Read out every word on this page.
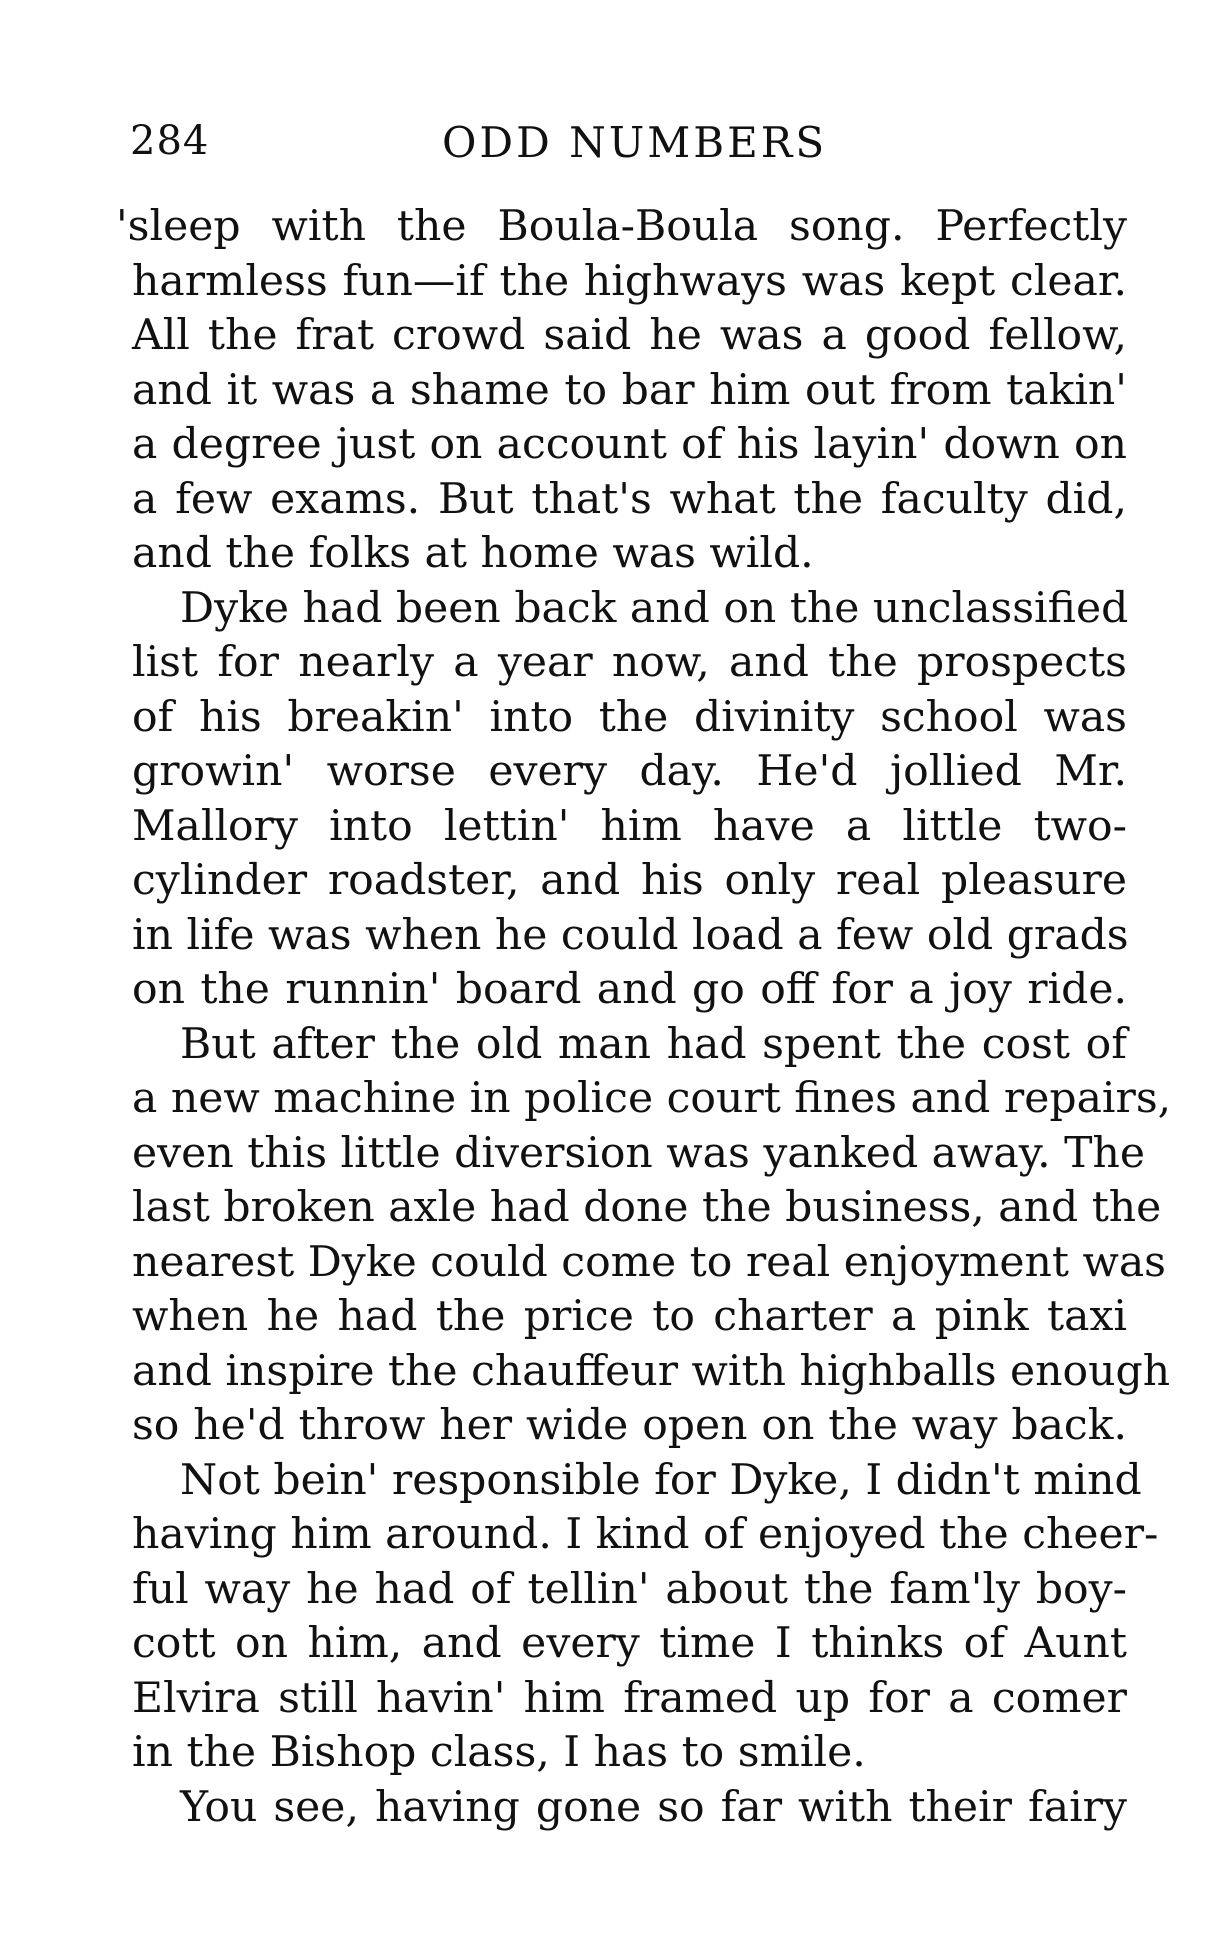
284	ODD NUMBERS
'sleep with the Boula-Boula song. Perfectly
harmless fun—if the highways was kept clear.
All the frat crowd said he was a good fellow,
and it was a shame to bar him out from takin'
a degree just on account of his layin' down on
a few exams. But that's what the faculty did,
and the folks at home was wild.
Dyke had been back and on the unclassified
list for nearly a year now, and the prospects
of his breakin' into the divinity school was
growin' worse every day. He'd jollied Mr.
Mallory into lettin' him have a little two-
cylinder roadster, and his only real pleasure
in life was when he could load a few old grads
on the runnin' board and go off for a joy ride.
But after the old man had spent the cost of
a new machine in police court fines and repairs,
even this little diversion was yanked away. The
last broken axle had done the business, and the
nearest Dyke could come to real enjoyment was
when he had the price to charter a pink taxi
and inspire the chauffeur with highballs enough
so he'd throw her wide open on the way back.
Not bein' responsible for Dyke, I didn't mind
having him around. I kind of enjoyed the cheer-
ful way he had of tellin' about the fam'ly boy-
cott on him, and every time I thinks of Aunt
Elvira still havin' him framed up for a comer
in the Bishop class, I has to smile.
You see, having gone so far with their fairy
